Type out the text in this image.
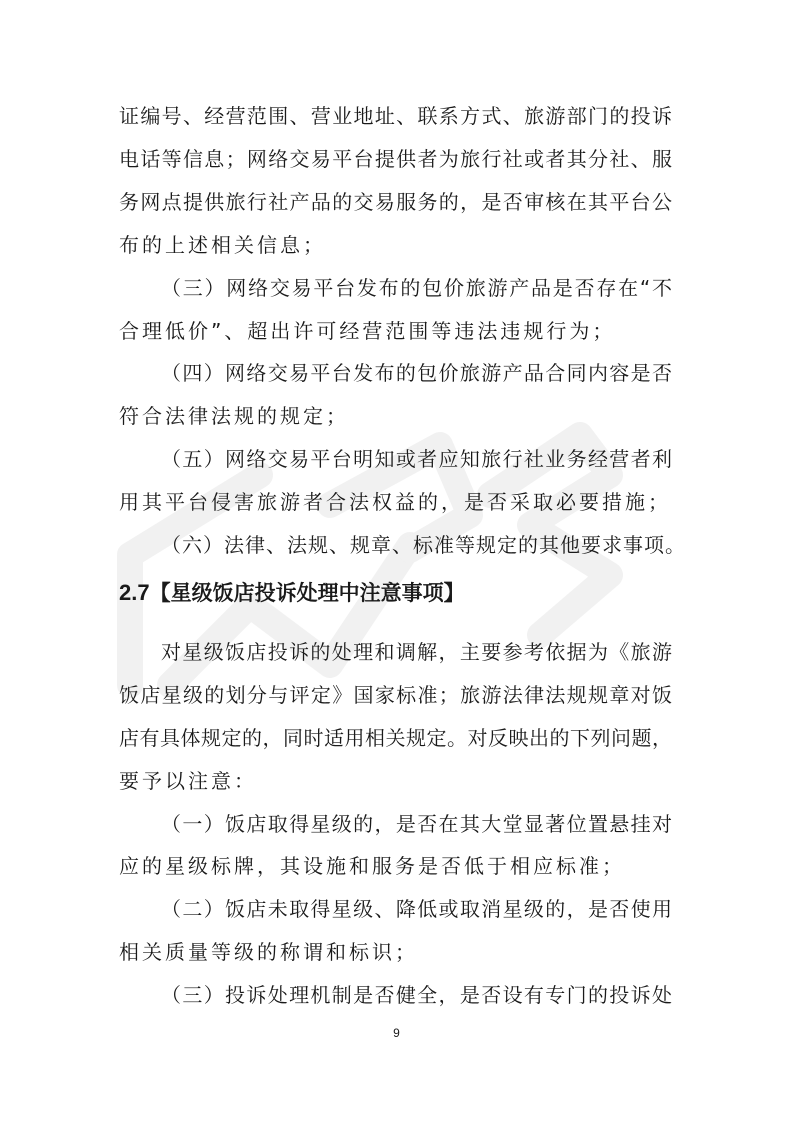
证编号、经营范围、营业地址、联系方式、旅游部门的投诉
电话等信息；网络交易平台提供者为旅行社或者其分社、服
务网点提供旅行社产品的交易服务的，是否审核在其平台公
布的上述相关信息；
（三）网络交易平台发布的包价旅游产品是否存在“不
合理低价”、超出许可经营范围等违法违规行为；
（四）网络交易平台发布的包价旅游产品合同内容是否
符合法律法规的规定；
（五）网络交易平台明知或者应知旅行社业务经营者利
用其平台侵害旅游者合法权益的，是否采取必要措施；
（六）法律、法规、规章、标准等规定的其他要求事项。
2.7【星级饭店投诉处理中注意事项】
对星级饭店投诉的处理和调解，主要参考依据为《旅游
饭店星级的划分与评定》国家标准；旅游法律法规规章对饭
店有具体规定的，同时适用相关规定。对反映出的下列问题，
要予以注意：
（一）饭店取得星级的，是否在其大堂显著位置悬挂对
应的星级标牌，其设施和服务是否低于相应标准；
（二）饭店未取得星级、降低或取消星级的，是否使用
相关质量等级的称谓和标识；
（三）投诉处理机制是否健全，是否设有专门的投诉处
9
